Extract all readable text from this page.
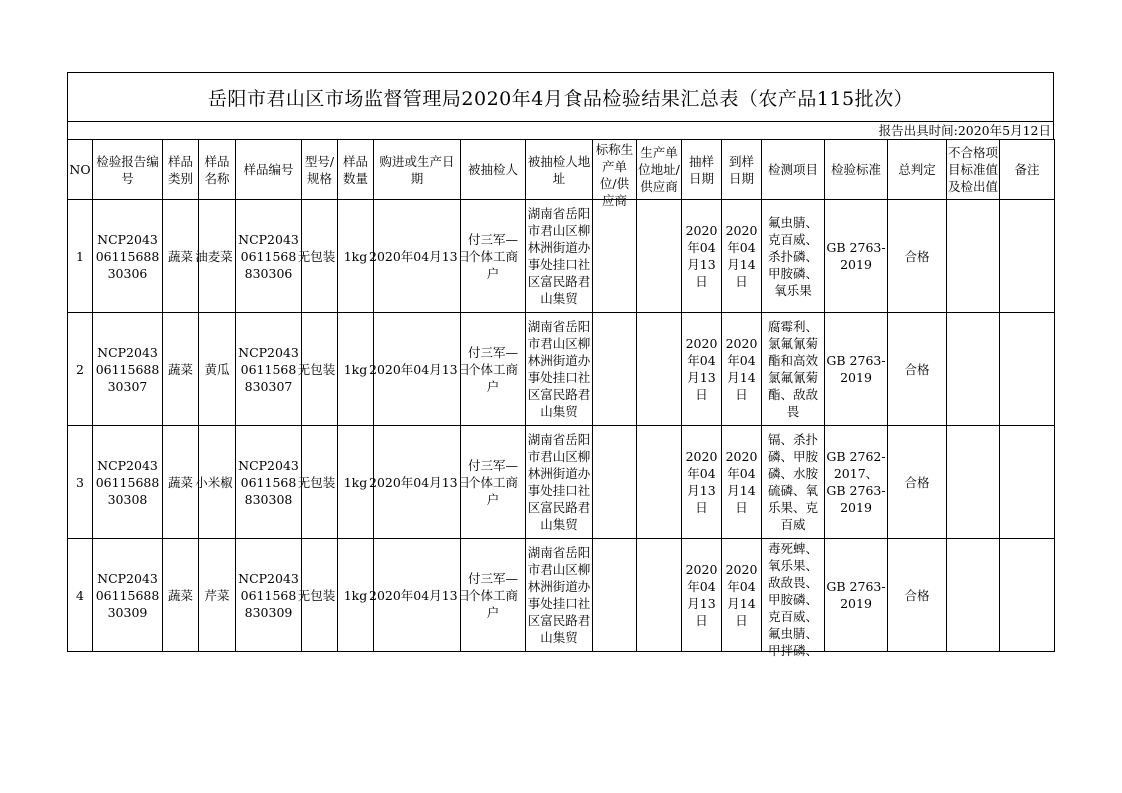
岳阳市君山区市场监督管理局2020年4月食品检验结果汇总表（农产品115批次）
报告出具时间:2020年5月12日
NO	检验报告编号	样品类别	样品名称	样品编号	型号/规格	样品数量	购进或生产日期	被抽检人	被抽检人地址	标称生产单位/供应商	生产单位地址/供应商	抽样日期	到样日期	检测项目	检验标准	总判定	不合格项目标准值及检出值	备注
1	NCP20430611568830306	蔬菜	油麦菜	NCP20430611568830306	无包装	1kg	2020年04月13日	付三军—个体工商户	湖南省岳阳市君山区柳林洲街道办事处挂口社区富民路君山集贸			2020年04月13日	2020年04月14日	氟虫腈、克百威、杀扑磷、甲胺磷、氧乐果	GB 2763-2019	合格		
2	NCP20430611568830307	蔬菜	黄瓜	NCP20430611568830307	无包装	1kg	2020年04月13日	付三军—个体工商户	湖南省岳阳市君山区柳林洲街道办事处挂口社区富民路君山集贸			2020年04月13日	2020年04月14日	腐霉利、氯氟氰菊酯和高效氯氟氰菊酯、敌敌畏	GB 2763-2019	合格		
3	NCP20430611568830308	蔬菜	小米椒	NCP20430611568830308	无包装	1kg	2020年04月13日	付三军—个体工商户	湖南省岳阳市君山区柳林洲街道办事处挂口社区富民路君山集贸			2020年04月13日	2020年04月14日	镉、杀扑磷、甲胺磷、水胺硫磷、氧乐果、克百威	GB 2762-2017、GB 2763-2019	合格		
4	NCP20430611568830309	蔬菜	芹菜	NCP20430611568830309	无包装	1kg	2020年04月13日	付三军—个体工商户	湖南省岳阳市君山区柳林洲街道办事处挂口社区富民路君山集贸			2020年04月13日	2020年04月14日	毒死蜱、氧乐果、敌敌畏、甲胺磷、克百威、氟虫腈、甲拌磷、	GB 2763-2019	合格		
